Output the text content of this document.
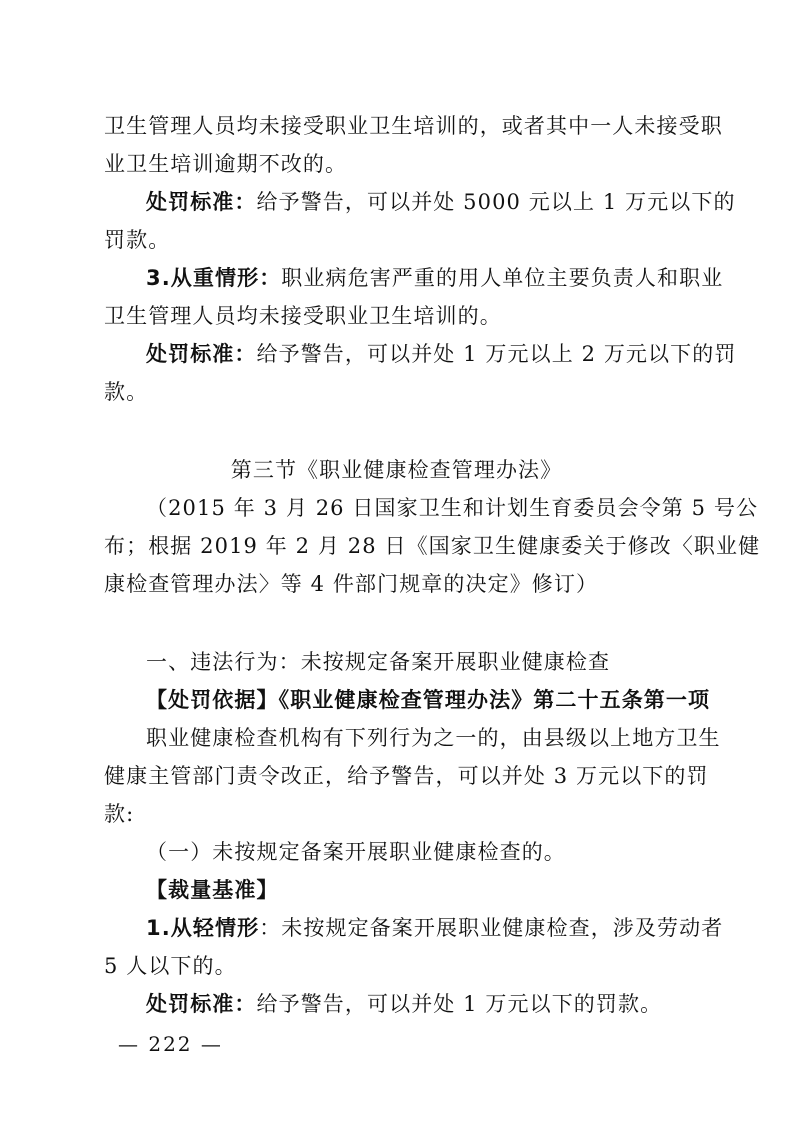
卫生管理人员均未接受职业卫生培训的，或者其中一人未接受职
业卫生培训逾期不改的。
处罚标准：给予警告，可以并处 5000 元以上 1 万元以下的
罚款。
3.从重情形：职业病危害严重的用人单位主要负责人和职业
卫生管理人员均未接受职业卫生培训的。
处罚标准：给予警告，可以并处 1 万元以上 2 万元以下的罚
款。
第三节《职业健康检查管理办法》
（2015 年 3 月 26 日国家卫生和计划生育委员会令第 5 号公
布；根据 2019 年 2 月 28 日《国家卫生健康委关于修改〈职业健
康检查管理办法〉等 4 件部门规章的决定》修订）
一、违法行为：未按规定备案开展职业健康检查
【处罚依据】《职业健康检查管理办法》第二十五条第一项
职业健康检查机构有下列行为之一的，由县级以上地方卫生
健康主管部门责令改正，给予警告，可以并处 3 万元以下的罚
款:
（一）未按规定备案开展职业健康检查的。
【裁量基准】
1.从轻情形：未按规定备案开展职业健康检查，涉及劳动者
5 人以下的。
处罚标准：给予警告，可以并处 1 万元以下的罚款。
— 222 —
